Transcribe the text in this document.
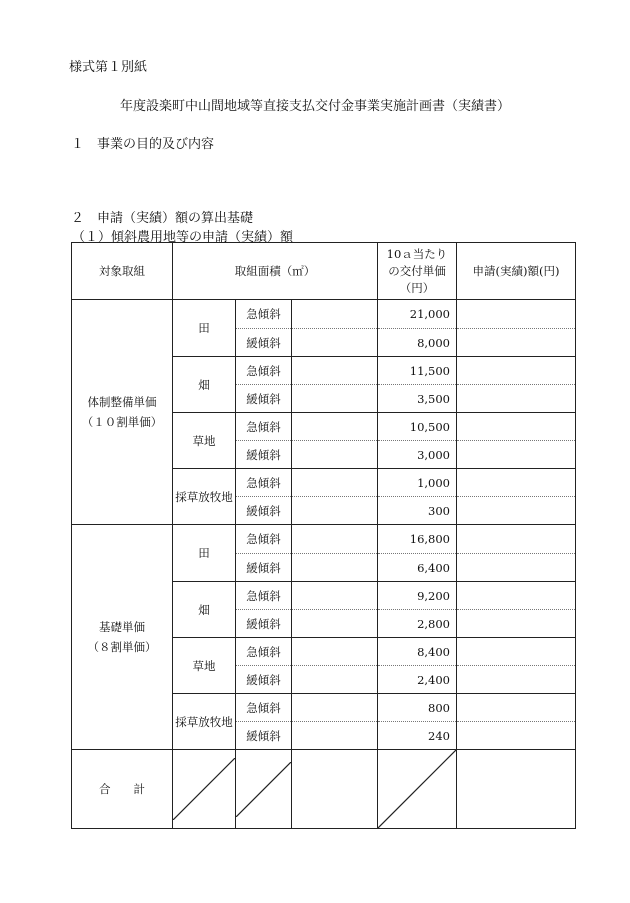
様式第１別紙
年度設楽町中山間地域等直接支払交付金事業実施計画書（実績書）
１　事業の目的及び内容
２　申請（実績）額の算出基礎
（１）傾斜農用地等の申請（実績）額
対象取組	取組面積（㎡）			10ａ当たり
の交付単価
（円）	申請(実績)額(円)

体制整備単価
（１０割単価）	田	急傾斜		21,000	
		緩傾斜		8,000	
	畑	急傾斜		11,500	
		緩傾斜		3,500	
	草地	急傾斜		10,500	
		緩傾斜		3,000	
	採草放牧地	急傾斜		1,000	
		緩傾斜		300	

基礎単価
（８割単価）	田	急傾斜		16,800	
		緩傾斜		6,400	
	畑	急傾斜		9,200	
		緩傾斜		2,800	
	草地	急傾斜		8,400	
		緩傾斜		2,400	
	採草放牧地	急傾斜		800	
		緩傾斜		240	
合　　計	
